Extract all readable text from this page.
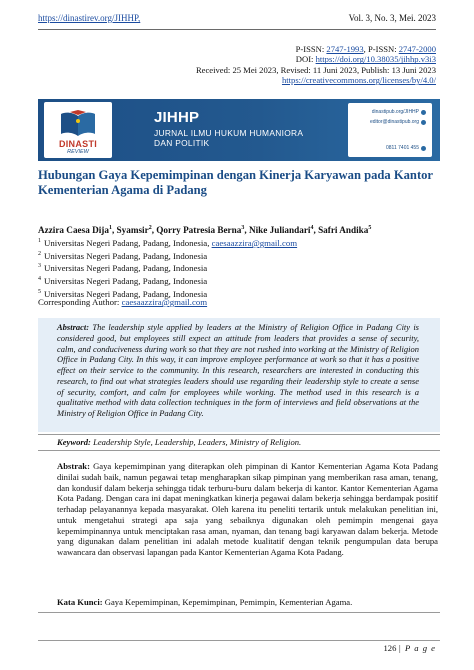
https://dinastirev.org/JIHHP,	Vol. 3, No. 3, Mei. 2023
P-ISSN: 2747-1993, P-ISSN: 2747-2000
DOI: https://doi.org/10.38035/jihhp.v3i3
Received: 25 Mei 2023, Revised: 11 Juni 2023, Publish: 13 Juni 2023
https://creativecommons.org/licenses/by/4.0/
DINASTI
REVIEW
JIHHP
JURNAL ILMU HUKUM HUMANIORA
DAN POLITIK
dinastipub.org/JIHHP
editor@dinastipub.org
0811 7401 455
Hubungan Gaya Kepemimpinan dengan Kinerja Karyawan pada Kantor Kementerian Agama di Padang
Azzira Caesa Dija$^1$, Syamsir$^2$, Qorry Patresia Berna$^3$, Nike Juliandari$^4$, Safri Andika$^5$
$^1$ Universitas Negeri Padang, Padang, Indonesia, caesaazzira@gmail.com
$^2$ Universitas Negeri Padang, Padang, Indonesia
$^3$ Universitas Negeri Padang, Padang, Indonesia
$^4$ Universitas Negeri Padang, Padang, Indonesia
$^5$ Universitas Negeri Padang, Padang, Indonesia
Corresponding Author: caesaazzira@gmail.com

Abstract: The leadership style applied by leaders at the Ministry of Religion Office in Padang City is considered good, but employees still expect an attitude from leaders that provides a sense of security, calm, and conduciveness during work so that they are not rushed into working at the Ministry of Religion Office in Padang City. In this way, it can improve employee performance at work so that it has a positive effect on their service to the community. In this research, researchers are interested in conducting this research, to find out what strategies leaders should use regarding their leadership style to create a sense of security, comfort, and calm for employees while working. The method used in this research is a qualitative method with data collection techniques in the form of interviews and field observations at the Ministry of Religion Office in Padang City.

Keyword: Leadership Style, Leadership, Leaders, Ministry of Religion.

Abstrak: Gaya kepemimpinan yang diterapkan oleh pimpinan di Kantor Kementerian Agama Kota Padang dinilai sudah baik, namun pegawai tetap mengharapkan sikap pimpinan yang memberikan rasa aman, tenang, dan kondusif dalam bekerja sehingga tidak terburu-buru dalam bekerja di kantor. Kantor Kementerian Agama Kota Padang. Dengan cara ini dapat meningkatkan kinerja pegawai dalam bekerja sehingga berdampak positif terhadap pelayanannya kepada masyarakat. Oleh karena itu peneliti tertarik untuk melakukan penelitian ini, untuk mengetahui strategi apa saja yang sebaiknya digunakan oleh pemimpin mengenai gaya kepemimpinannya untuk menciptakan rasa aman, nyaman, dan tenang bagi karyawan dalam bekerja. Metode yang digunakan dalam penelitian ini adalah metode kualitatif dengan teknik pengumpulan data berupa wawancara dan observasi lapangan pada Kantor Kementerian Agama Kota Padang.

Kata Kunci: Gaya Kepemimpinan, Kepemimpinan, Pemimpin, Kementerian Agama.
126 | P a g e
